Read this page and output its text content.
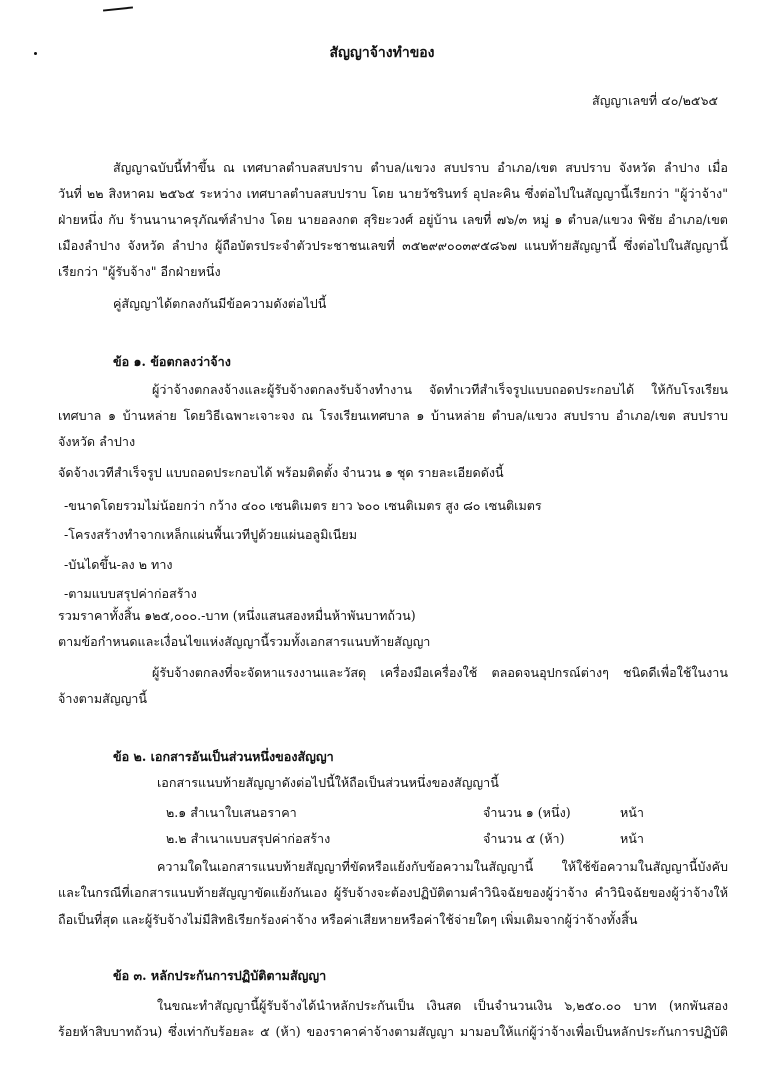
สัญญาจ้างทำของ
สัญญาเลขที่ ๔๐/๒๕๖๕
สัญญาฉบับนี้ทำขึ้น ณ เทศบาลตำบลสบปราบ ตำบล/แขวง สบปราบ อำเภอ/เขต สบปราบ จังหวัด ลำปาง เมื่อ
วันที่ ๒๒ สิงหาคม ๒๕๖๕ ระหว่าง เทศบาลตำบลสบปราบ โดย นายวัชรินทร์ อุปละคิน ซึ่งต่อไปในสัญญานี้เรียกว่า "ผู้ว่าจ้าง"
ฝ่ายหนึ่ง กับ ร้านนานาครุภัณฑ์ลำปาง โดย นายอลงกต สุริยะวงศ์ อยู่บ้าน เลขที่ ๗๖/๓ หมู่ ๑ ตำบล/แขวง พิชัย อำเภอ/เขต
เมืองลำปาง จังหวัด ลำปาง ผู้ถือบัตรประจำตัวประชาชนเลขที่ ๓๕๒๙๙๐๐๓๙๕๘๖๗ แนบท้ายสัญญานี้ ซึ่งต่อไปในสัญญานี้
เรียกว่า "ผู้รับจ้าง" อีกฝ่ายหนึ่ง
คู่สัญญาได้ตกลงกันมีข้อความดังต่อไปนี้
ข้อ ๑. ข้อตกลงว่าจ้าง
ผู้ว่าจ้างตกลงจ้างและผู้รับจ้างตกลงรับจ้างทำงาน จัดทำเวทีสำเร็จรูปแบบถอดประกอบได้ ให้กับโรงเรียน
เทศบาล ๑ บ้านหล่าย โดยวิธีเฉพาะเจาะจง ณ โรงเรียนเทศบาล ๑ บ้านหล่าย ตำบล/แขวง สบปราบ อำเภอ/เขต สบปราบ
จังหวัด ลำปาง
จัดจ้างเวทีสำเร็จรูป แบบถอดประกอบได้ พร้อมติดตั้ง จำนวน ๑ ชุด รายละเอียดดังนี้
-ขนาดโดยรวมไม่น้อยกว่า กว้าง ๔๐๐ เซนติเมตร ยาว ๖๐๐ เซนติเมตร สูง ๘๐ เซนติเมตร
-โครงสร้างทำจากเหล็กแผ่นพื้นเวทีปูด้วยแผ่นอลูมิเนียม
-บันไดขึ้น-ลง ๒ ทาง
-ตามแบบสรุปค่าก่อสร้าง
รวมราคาทั้งสิ้น ๑๒๕,๐๐๐.-บาท (หนึ่งแสนสองหมื่นห้าพันบาทถ้วน)
ตามข้อกำหนดและเงื่อนไขแห่งสัญญานี้รวมทั้งเอกสารแนบท้ายสัญญา
ผู้รับจ้างตกลงที่จะจัดหาแรงงานและวัสดุ เครื่องมือเครื่องใช้ ตลอดจนอุปกรณ์ต่างๆ ชนิดดีเพื่อใช้ในงาน
จ้างตามสัญญานี้
ข้อ ๒. เอกสารอันเป็นส่วนหนึ่งของสัญญา
เอกสารแนบท้ายสัญญาดังต่อไปนี้ให้ถือเป็นส่วนหนึ่งของสัญญานี้
๒.๑ สำเนาใบเสนอราคา	จำนวน ๑ (หนึ่ง)	หน้า
๒.๒ สำเนาแบบสรุปค่าก่อสร้าง	จำนวน ๕ (ห้า)	หน้า
ความใดในเอกสารแนบท้ายสัญญาที่ขัดหรือแย้งกับข้อความในสัญญานี้ ให้ใช้ข้อความในสัญญานี้บังคับ
และในกรณีที่เอกสารแนบท้ายสัญญาขัดแย้งกันเอง ผู้รับจ้างจะต้องปฏิบัติตามคำวินิจฉัยของผู้ว่าจ้าง คำวินิจฉัยของผู้ว่าจ้างให้
ถือเป็นที่สุด และผู้รับจ้างไม่มีสิทธิเรียกร้องค่าจ้าง หรือค่าเสียหายหรือค่าใช้จ่ายใดๆ เพิ่มเติมจากผู้ว่าจ้างทั้งสิ้น
ข้อ ๓. หลักประกันการปฏิบัติตามสัญญา
ในขณะทำสัญญานี้ผู้รับจ้างได้นำหลักประกันเป็น เงินสด เป็นจำนวนเงิน ๖,๒๕๐.๐๐ บาท (หกพันสอง
ร้อยห้าสิบบาทถ้วน) ซึ่งเท่ากับร้อยละ ๕ (ห้า) ของราคาค่าจ้างตามสัญญา มามอบให้แก่ผู้ว่าจ้างเพื่อเป็นหลักประกันการปฏิบัติ
